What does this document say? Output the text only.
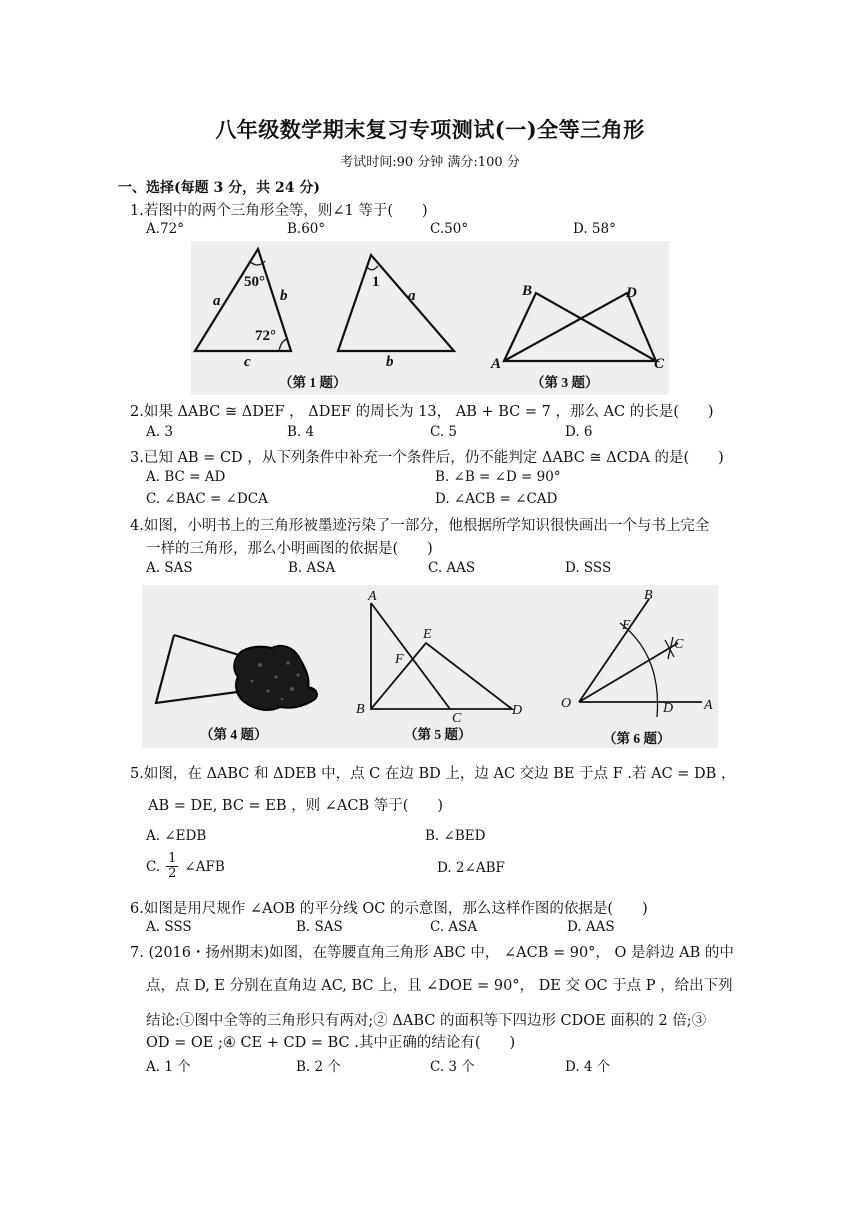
八年级数学期末复习专项测试(一)全等三角形
考试时间:90 分钟 满分:100 分
一、选择(每题 3 分，共 24 分)
1.若图中的两个三角形全等，则∠1 等于(　　)
A.72°	B.60°	C.50°	D. 58°
50°
a	b
72°
c
1
a
b
B	D
A	C
（第 1 题）	（第 3 题）
2.如果 ΔABC ≅ ΔDEF ， ΔDEF 的周长为 13， AB + BC = 7 ，那么 AC 的长是(　　)
A. 3	B. 4	C. 5	D. 6
3.已知 AB = CD ，从下列条件中补充一个条件后，仍不能判定 ΔABC ≅ ΔCDA 的是(　　)
A. BC = AD	B. ∠B = ∠D = 90°
C. ∠BAC = ∠DCA	D. ∠ACB = ∠CAD
4.如图，小明书上的三角形被墨迹污染了一部分，他根据所学知识很快画出一个与书上完全
一样的三角形，那么小明画图的依据是(　　)
A. SAS	B. ASA	C. AAS	D. SSS
A
E
F
B
C
D
B
E
C
O	D A
（第 4 题）	（第 5 题）	（第 6 题）
5.如图，在 ΔABC 和 ΔDEB 中，点 C 在边 BD 上，边 AC 交边 BE 于点 F .若 AC = DB ，
AB = DE, BC = EB ，则 ∠ACB 等于(　　)
A. ∠EDB	B. ∠BED
C. $\frac{1}{2}$ ∠AFB	D. 2∠ABF
6.如图是用尺规作 ∠AOB 的平分线 OC 的示意图，那么这样作图的依据是(　　)
A. SSS	B. SAS	C. ASA	D. AAS
7. (2016・扬州期末)如图，在等腰直角三角形 ABC 中， ∠ACB = 90°， O 是斜边 AB 的中
点，点 D, E 分别在直角边 AC, BC 上，且 ∠DOE = 90°， DE 交 OC 于点 P ，给出下列
结论:①图中全等的三角形只有两对;② ΔABC 的面积等下四边形 CDOE 面积的 2 倍;③
OD = OE ;④ CE + CD = BC .其中正确的结论有(　　)
A. 1 个	B. 2 个	C. 3 个	D. 4 个
